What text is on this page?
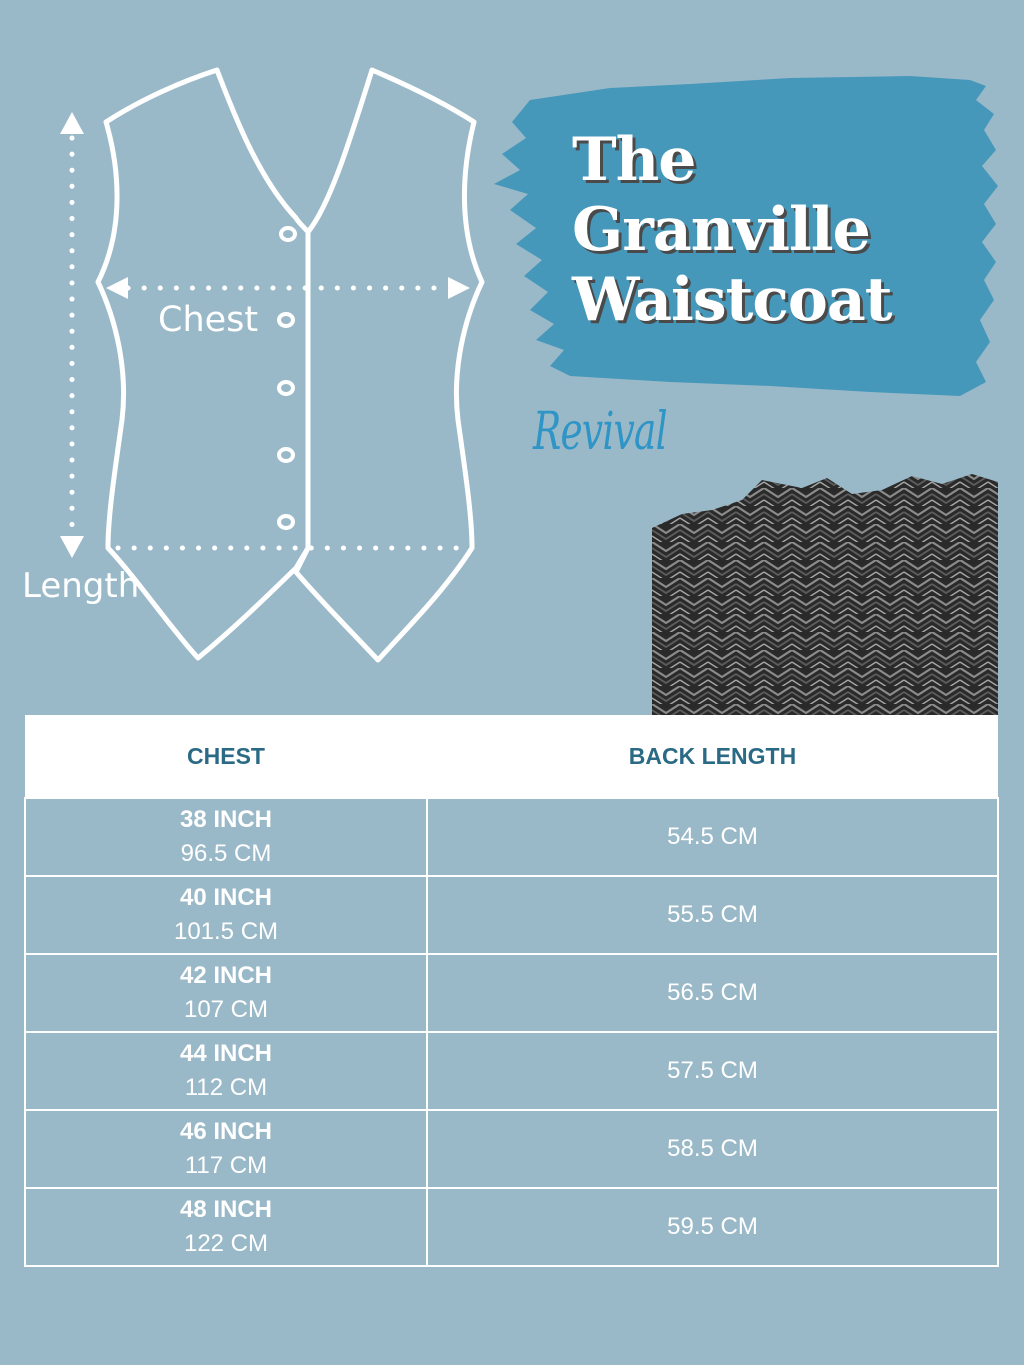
Chest
Length
The
Granville
Waistcoat
Revival
CHEST	BACK LENGTH

38 INCH
96.5 CM	54.5 CM

40 INCH
101.5 CM	55.5 CM

42 INCH
107 CM	56.5 CM

44 INCH
112 CM	57.5 CM

46 INCH
117 CM	58.5 CM

48 INCH
122 CM	59.5 CM
